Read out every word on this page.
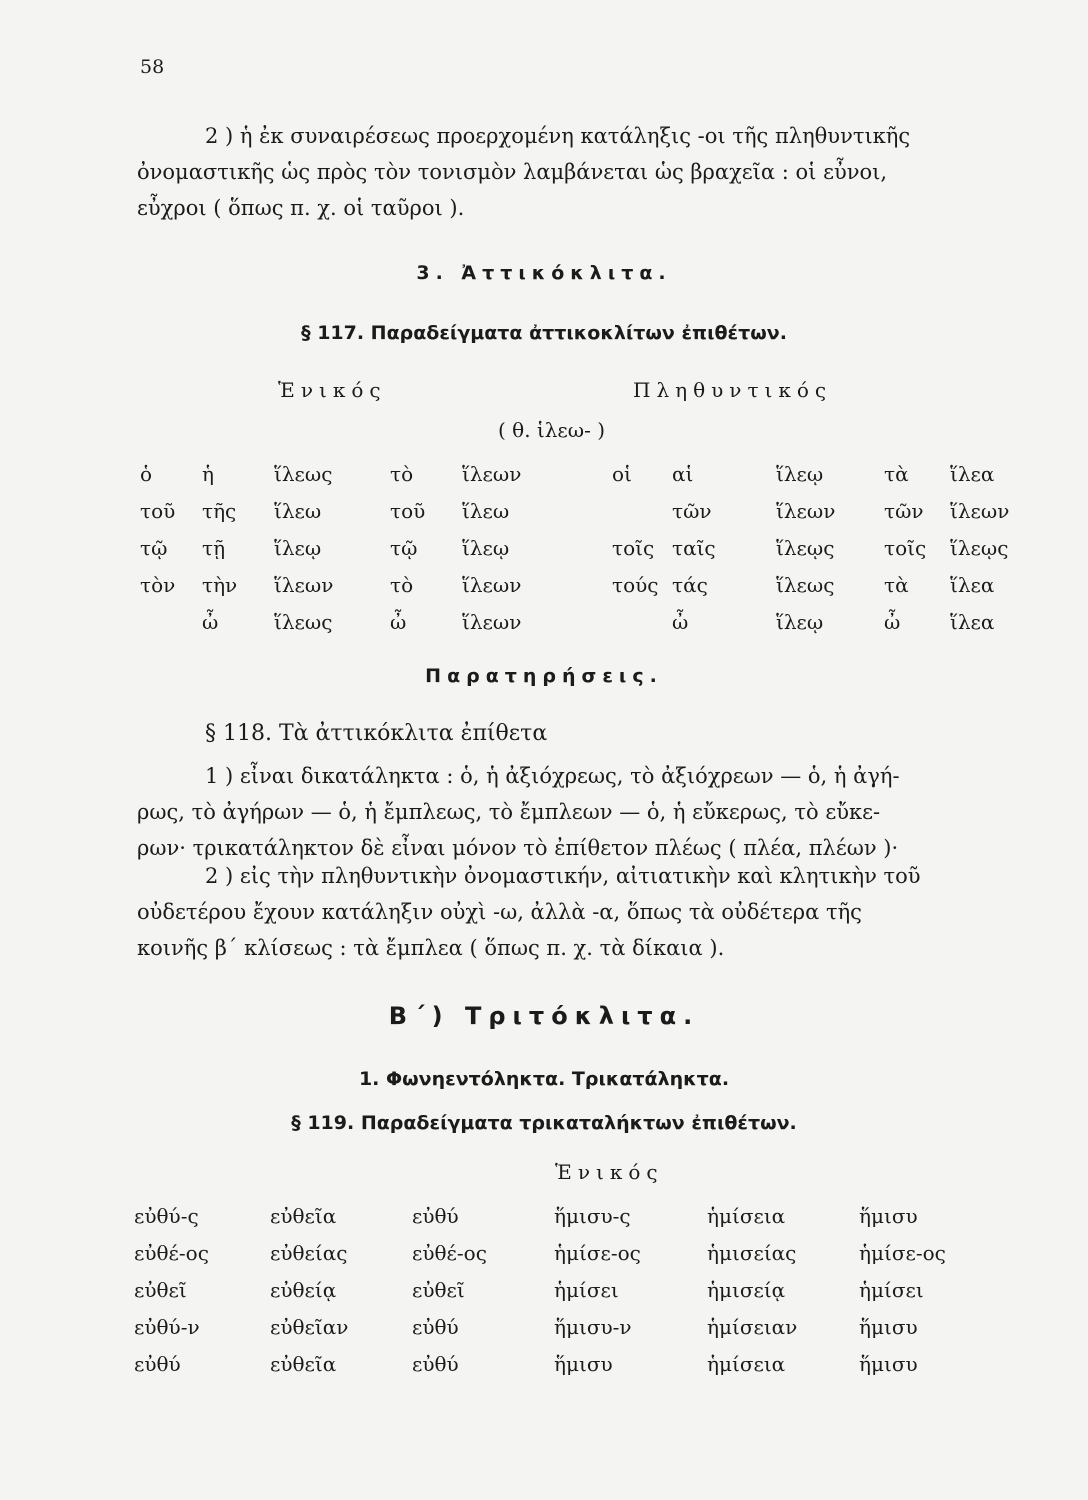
58
2 ) ἡ ἐκ συναιρέσεως προερχομένη κατάληξις -οι τῆς πληθυντικῆς
ὀνομαστικῆς ὡς πρὸς τὸν τονισμὸν λαμβάνεται ὡς βραχεῖα : οἱ εὖνοι,
εὖχροι ( ὅπως π. χ. οἱ ταῦροι ).
3. Ἀττικόκλιτα.
§ 117. Παραδείγματα ἀττικοκλίτων ἐπιθέτων.
Ἑνικός	Πληθυντικός
( θ. ἱλεω- )
ὁ	ἡ	ἵλεως	τὸ	ἵλεων	οἱ	αἱ	ἵλεῳ	τὰ	ἵλεα
τοῦ	τῆς	ἵλεω	τοῦ	ἵλεω		τῶν	ἵλεων	τῶν	ἵλεων
τῷ	τῇ	ἵλεῳ	τῷ	ἵλεῳ	τοῖς	ταῖς	ἵλεῳς	τοῖς	ἵλεῳς
τὸν	τὴν	ἵλεων	τὸ	ἵλεων	τούς	τάς	ἵλεως	τὰ	ἵλεα
	ὦ	ἵλεως	ὦ	ἵλεων		ὦ	ἵλεῳ	ὦ	ἵλεα
Παρατηρήσεις.
§ 118. Τὰ ἀττικόκλιτα ἐπίθετα
1 ) εἶναι δικατάληκτα : ὁ, ἡ ἀξιόχρεως, τὸ ἀξιόχρεων — ὁ, ἡ ἀγή-
ρως, τὸ ἀγήρων — ὁ, ἡ ἔμπλεως, τὸ ἔμπλεων — ὁ, ἡ εὔκερως, τὸ εὔκε-
ρων· τρικατάληκτον δὲ εἶναι μόνον τὸ ἐπίθετον πλέως ( πλέα, πλέων )·
2 ) εἰς τὴν πληθυντικὴν ὀνομαστικήν, αἰτιατικὴν καὶ κλητικὴν τοῦ
οὐδετέρου ἔχουν κατάληξιν οὐχὶ -ω, ἀλλὰ -α, ὅπως τὰ οὐδέτερα τῆς
κοινῆς β΄ κλίσεως : τὰ ἔμπλεα ( ὅπως π. χ. τὰ δίκαια ).
Β΄) Τριτόκλιτα.
1. Φωνηεντόληκτα. Τρικατάληκτα.
§ 119. Παραδείγματα τρικαταλήκτων ἐπιθέτων.
Ἑνικός
εὐθύ-ς	εὐθεῖα	εὐθύ	ἥμισυ-ς	ἡμίσεια	ἥμισυ
εὐθέ-ος	εὐθείας	εὐθέ-ος	ἡμίσε-ος	ἡμισείας	ἡμίσε-ος
εὐθεῖ	εὐθείᾳ	εὐθεῖ	ἡμίσει	ἡμισείᾳ	ἡμίσει
εὐθύ-ν	εὐθεῖαν	εὐθύ	ἥμισυ-ν	ἡμίσειαν	ἥμισυ
εὐθύ	εὐθεῖα	εὐθύ	ἥμισυ	ἡμίσεια	ἥμισυ
